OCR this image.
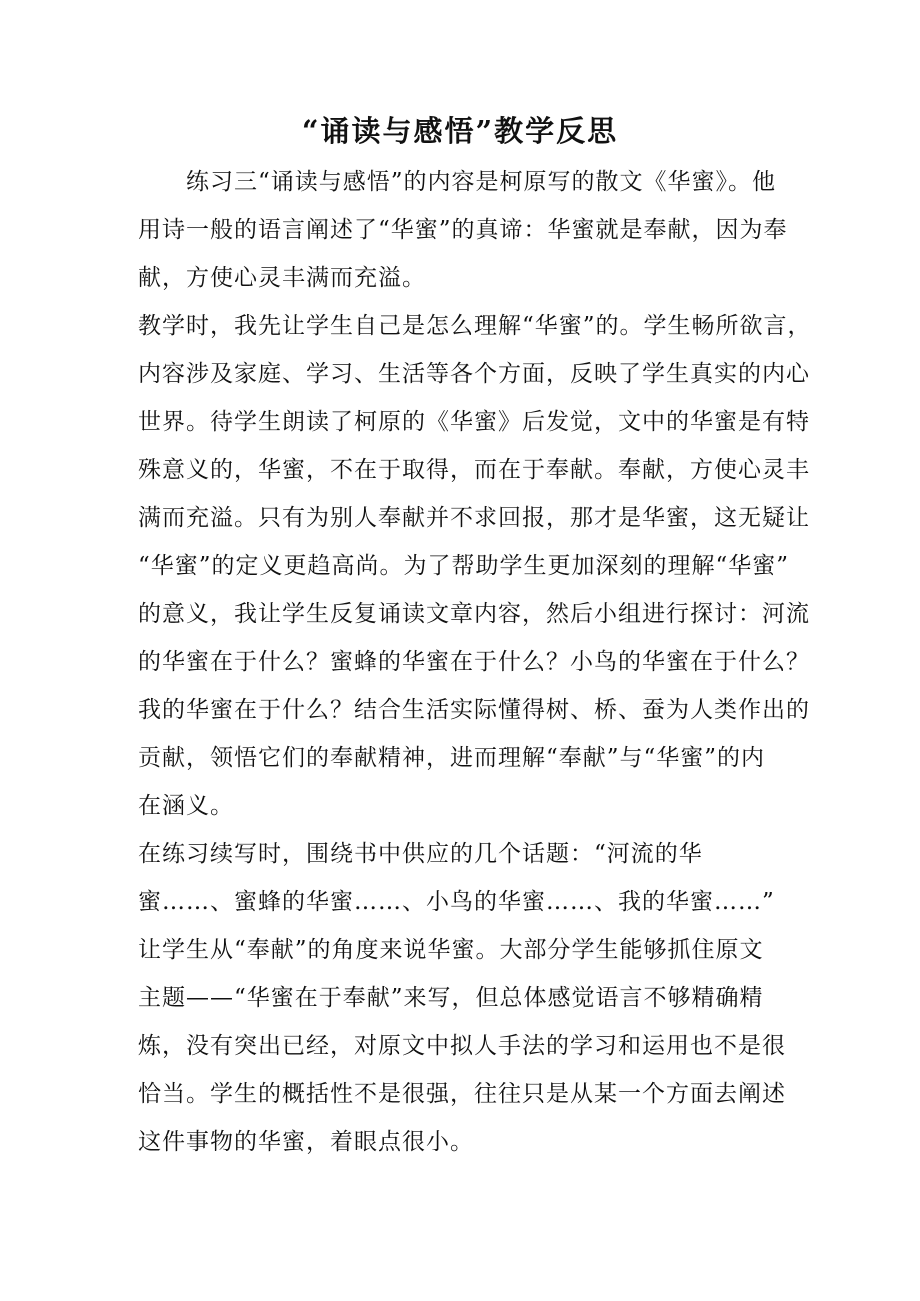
“诵读与感悟”教学反思

练习三“诵读与感悟”的内容是柯原写的散文《华蜜》。他

用诗一般的语言阐述了“华蜜”的真谛：华蜜就是奉献，因为奉

献，方使心灵丰满而充溢。

教学时，我先让学生自己是怎么理解“华蜜”的。学生畅所欲言，

内容涉及家庭、学习、生活等各个方面，反映了学生真实的内心

世界。待学生朗读了柯原的《华蜜》后发觉，文中的华蜜是有特

殊意义的，华蜜，不在于取得，而在于奉献。奉献，方使心灵丰

满而充溢。只有为别人奉献并不求回报，那才是华蜜，这无疑让

“华蜜”的定义更趋高尚。为了帮助学生更加深刻的理解“华蜜”

的意义，我让学生反复诵读文章内容，然后小组进行探讨：河流

的华蜜在于什么？蜜蜂的华蜜在于什么？小鸟的华蜜在于什么？

我的华蜜在于什么？结合生活实际懂得树、桥、蚕为人类作出的

贡献，领悟它们的奉献精神，进而理解“奉献”与“华蜜”的内

在涵义。

在练习续写时，围绕书中供应的几个话题：“河流的华

蜜……、蜜蜂的华蜜……、小鸟的华蜜……、我的华蜜……”

让学生从“奉献”的角度来说华蜜。大部分学生能够抓住原文

主题——“华蜜在于奉献”来写，但总体感觉语言不够精确精

炼，没有突出已经，对原文中拟人手法的学习和运用也不是很

恰当。学生的概括性不是很强，往往只是从某一个方面去阐述

这件事物的华蜜，着眼点很小。
